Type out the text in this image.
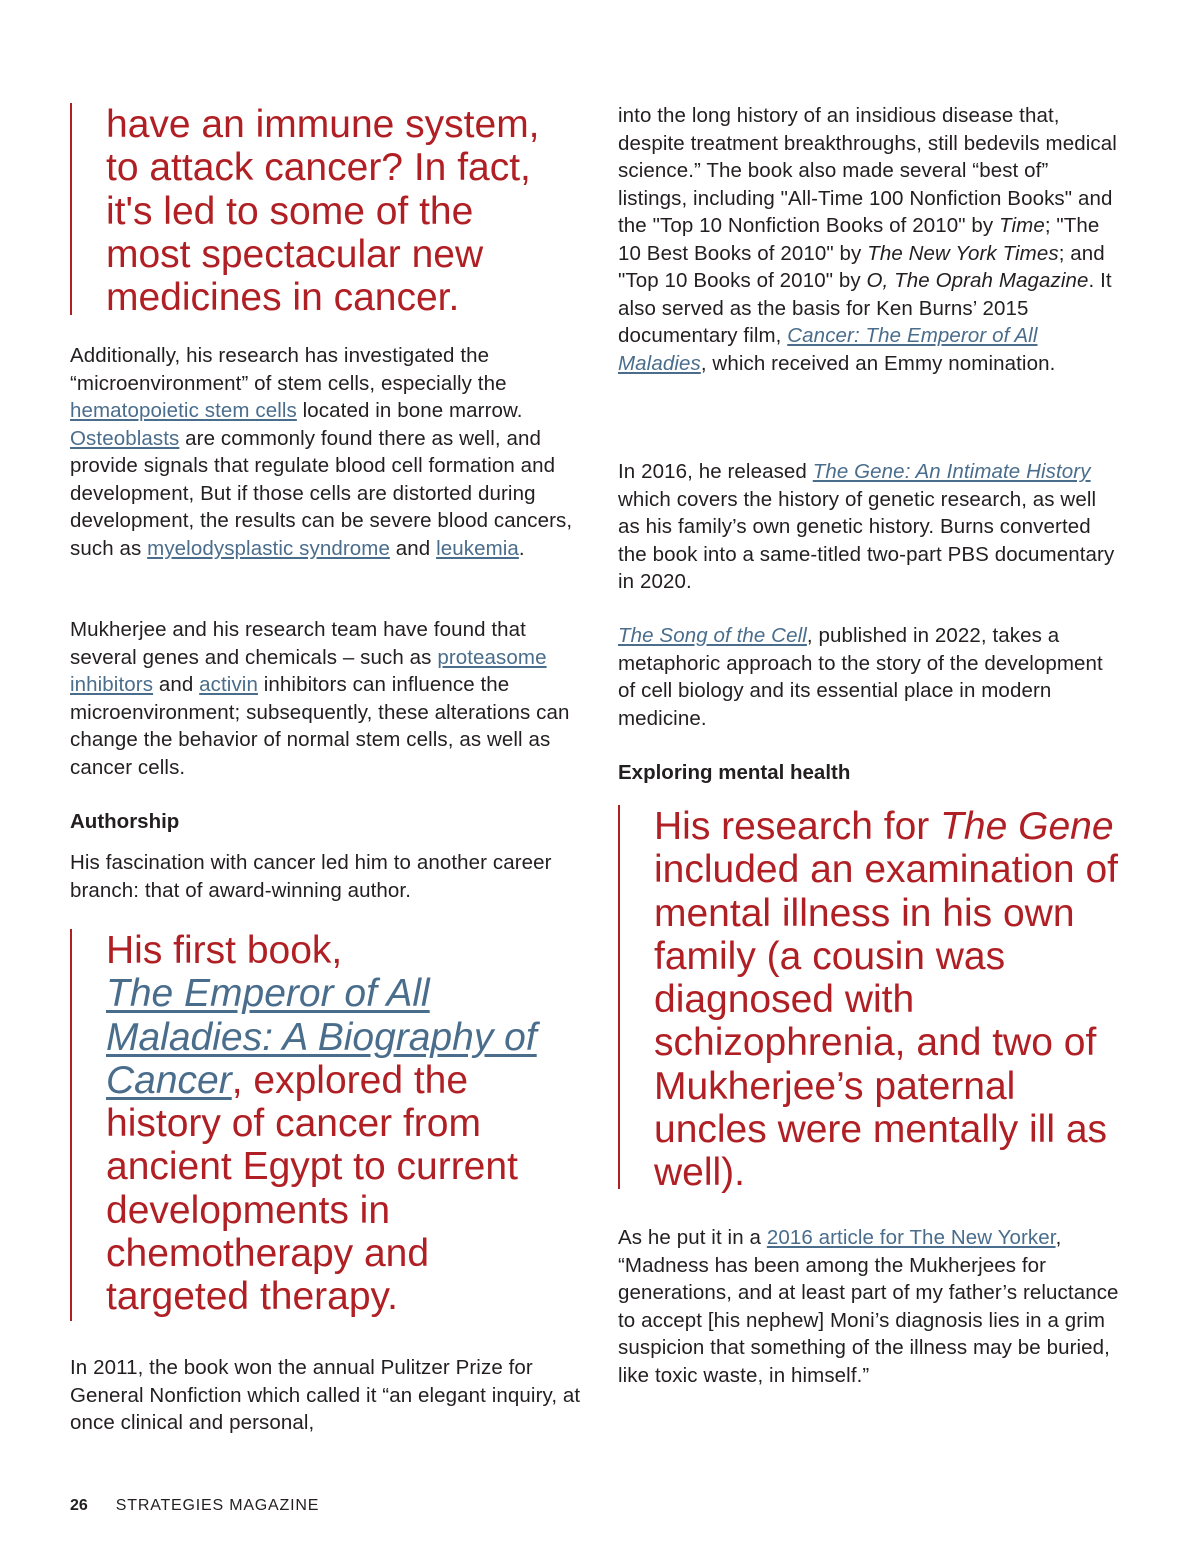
have an immune system,
to attack cancer? In fact,
it's led to some of the
most spectacular new
medicines in cancer.

Additionally, his research has investigated the “microenvironment” of stem cells, especially the hematopoietic stem cells located in bone marrow. Osteoblasts are commonly found there as well, and provide signals that regulate blood cell formation and development, But if those cells are distorted during development, the results can be severe blood cancers, such as myelodysplastic syndrome and leukemia.

Mukherjee and his research team have found that several genes and chemicals – such as proteasome inhibitors and activin inhibitors can influence the microenvironment; subsequently, these alterations can change the behavior of normal stem cells, as well as cancer cells.

Authorship

His fascination with cancer led him to another career branch: that of award-winning author.

His first book,
The Emperor of All Maladies: A Biography of Cancer, explored the history of cancer from ancient Egypt to current developments in chemotherapy and targeted therapy.

In 2011, the book won the annual Pulitzer Prize for General Nonfiction which called it “an elegant inquiry, at once clinical and personal,

into the long history of an insidious disease that, despite treatment breakthroughs, still bedevils medical science.” The book also made several “best of” listings, including "All-Time 100 Nonfiction Books" and the "Top 10 Nonfiction Books of 2010" by Time; "The 10 Best Books of 2010" by The New York Times; and "Top 10 Books of 2010" by O, The Oprah Magazine. It also served as the basis for Ken Burns’ 2015 documentary film, Cancer: The Emperor of All Maladies, which received an Emmy nomination.

In 2016, he released The Gene: An Intimate History which covers the history of genetic research, as well as his family’s own genetic history. Burns converted the book into a same-titled two-part PBS documentary in 2020.

The Song of the Cell, published in 2022, takes a metaphoric approach to the story of the development of cell biology and its essential place in modern medicine.

Exploring mental health
His research for The Gene included an examination of mental illness in his own family (a cousin was diagnosed with schizophrenia, and two of Mukherjee’s paternal uncles were mentally ill as well).

As he put it in a 2016 article for The New Yorker, “Madness has been among the Mukherjees for generations, and at least part of my father’s reluctance to accept [his nephew] Moni’s diagnosis lies in a grim suspicion that something of the illness may be buried, like toxic waste, in himself.”

26 STRATEGIES MAGAZINE
